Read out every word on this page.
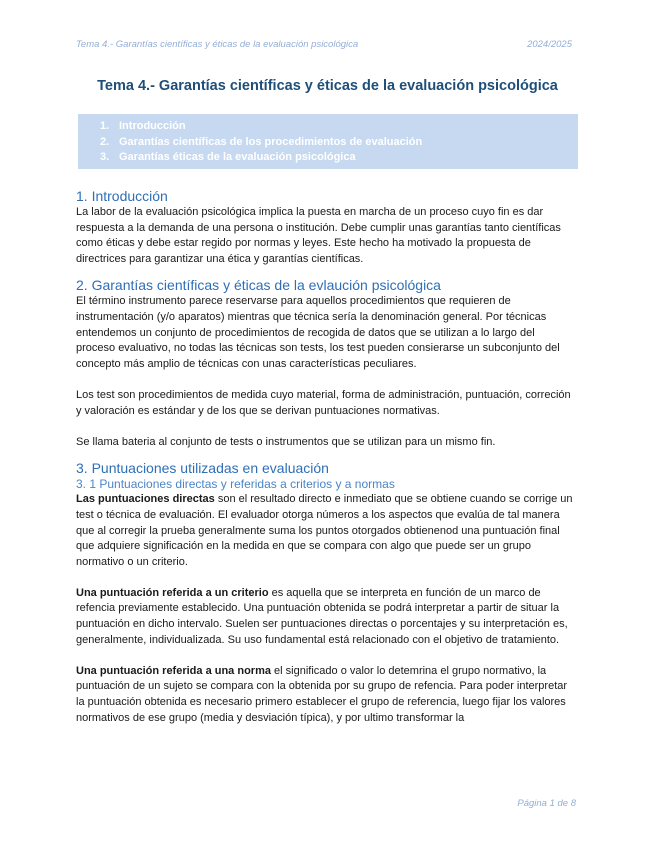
Tema 4.- Garantías científicas y éticas de la evaluación psicológica	2024/2025
Tema 4.- Garantías científicas y éticas de la evaluación psicológica
1. Introducción
2. Garantías científicas de los procedimientos de evaluación
3. Garantías éticas de la evaluación psicológica
1. Introducción

La labor de la evaluación psicológica implica la puesta en marcha de un proceso cuyo fin es dar respuesta a la demanda de una persona o institución. Debe cumplir unas garantías tanto científicas como éticas y debe estar regido por normas y leyes. Este hecho ha motivado la propuesta de directrices para garantizar una ética y garantías científicas.

2. Garantías científicas y éticas de la evlaución psicológica

El término instrumento parece reservarse para aquellos procedimientos que requieren de instrumentación (y/o aparatos) mientras que técnica sería la denominación general. Por técnicas entendemos un conjunto de procedimientos de recogida de datos que se utilizan a lo largo del proceso evaluativo, no todas las técnicas son tests, los test pueden consierarse un subconjunto del concepto más amplio de técnicas con unas características peculiares.

Los test son procedimientos de medida cuyo material, forma de administración, puntuación, correción y valoración es estándar y de los que se derivan puntuaciones normativas.

Se llama bateria al conjunto de tests o instrumentos que se utilizan para un mismo fin.

3. Puntuaciones utilizadas en evaluación
3. 1 Puntuaciones directas y referidas a criterios y a normas

Las puntuaciones directas son el resultado directo e inmediato que se obtiene cuando se corrige un test o técnica de evaluación. El evaluador otorga números a los aspectos que evalúa de tal manera que al corregir la prueba generalmente suma los puntos otorgados obtienenod una puntuación final que adquiere significación en la medida en que se compara con algo que puede ser un grupo normativo o un criterio.

Una puntuación referida a un criterio es aquella que se interpreta en función de un marco de refencia previamente establecido. Una puntuación obtenida se podrá interpretar a partir de situar la puntuación en dicho intervalo. Suelen ser puntuaciones directas o porcentajes y su interpretación es, generalmente, individualizada. Su uso fundamental está relacionado con el objetivo de tratamiento.

Una puntuación referida a una norma el significado o valor lo detemrina el grupo normativo, la puntuación de un sujeto se compara con la obtenida por su grupo de refencia. Para poder interpretar la puntuación obtenida es necesario primero establecer el grupo de referencia, luego fijar los valores normativos de ese grupo (media y desviación típica), y por ultimo transformar la

Página 1 de 8
